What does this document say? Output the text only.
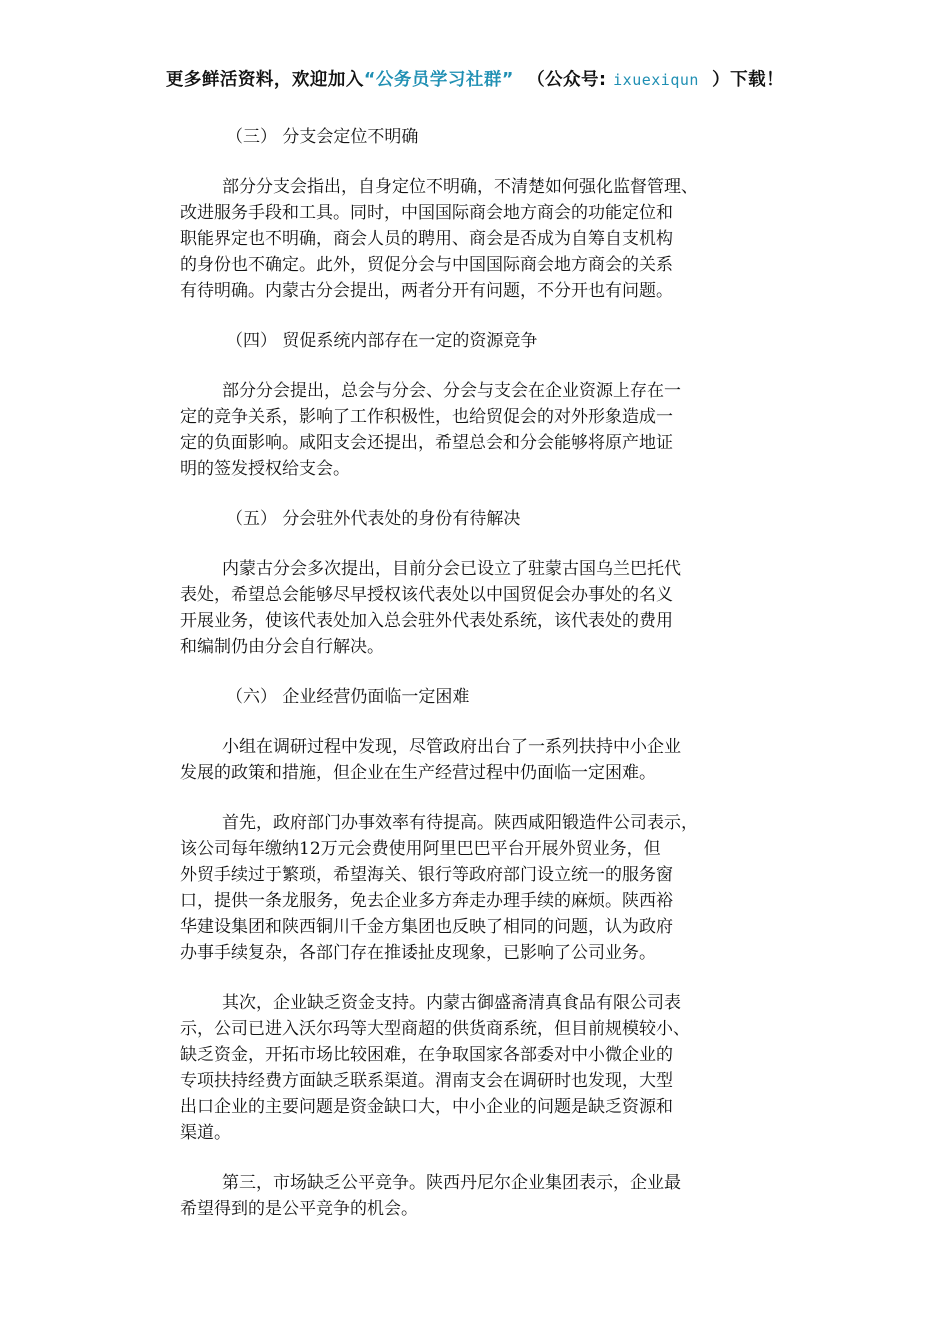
更多鲜活资料，欢迎加入“公务员学习社群” （公众号: ixuexiqun ）下载！

（三） 分支会定位不明确

部分分支会指出，自身定位不明确，不清楚如何强化监督管理、
改进服务手段和工具。同时，中国国际商会地方商会的功能定位和
职能界定也不明确，商会人员的聘用、商会是否成为自筹自支机构
的身份也不确定。此外，贸促分会与中国国际商会地方商会的关系
有待明确。内蒙古分会提出，两者分开有问题，不分开也有问题。

（四） 贸促系统内部存在一定的资源竞争

部分分会提出，总会与分会、分会与支会在企业资源上存在一
定的竞争关系，影响了工作积极性，也给贸促会的对外形象造成一
定的负面影响。咸阳支会还提出，希望总会和分会能够将原产地证
明的签发授权给支会。

（五） 分会驻外代表处的身份有待解决

内蒙古分会多次提出，目前分会已设立了驻蒙古国乌兰巴托代
表处，希望总会能够尽早授权该代表处以中国贸促会办事处的名义
开展业务，使该代表处加入总会驻外代表处系统，该代表处的费用
和编制仍由分会自行解决。

（六） 企业经营仍面临一定困难

小组在调研过程中发现，尽管政府出台了一系列扶持中小企业
发展的政策和措施，但企业在生产经营过程中仍面临一定困难。

首先，政府部门办事效率有待提高。陕西咸阳锻造件公司表示，
该公司每年缴纳12万元会费使用阿里巴巴平台开展外贸业务，但
外贸手续过于繁琐，希望海关、银行等政府部门设立统一的服务窗
口，提供一条龙服务，免去企业多方奔走办理手续的麻烦。陕西裕
华建设集团和陕西铜川千金方集团也反映了相同的问题，认为政府
办事手续复杂，各部门存在推诿扯皮现象，已影响了公司业务。

其次，企业缺乏资金支持。内蒙古御盛斋清真食品有限公司表
示，公司已进入沃尔玛等大型商超的供货商系统，但目前规模较小、
缺乏资金，开拓市场比较困难，在争取国家各部委对中小微企业的
专项扶持经费方面缺乏联系渠道。渭南支会在调研时也发现，大型
出口企业的主要问题是资金缺口大，中小企业的问题是缺乏资源和
渠道。

第三，市场缺乏公平竞争。陕西丹尼尔企业集团表示，企业最
希望得到的是公平竞争的机会。
